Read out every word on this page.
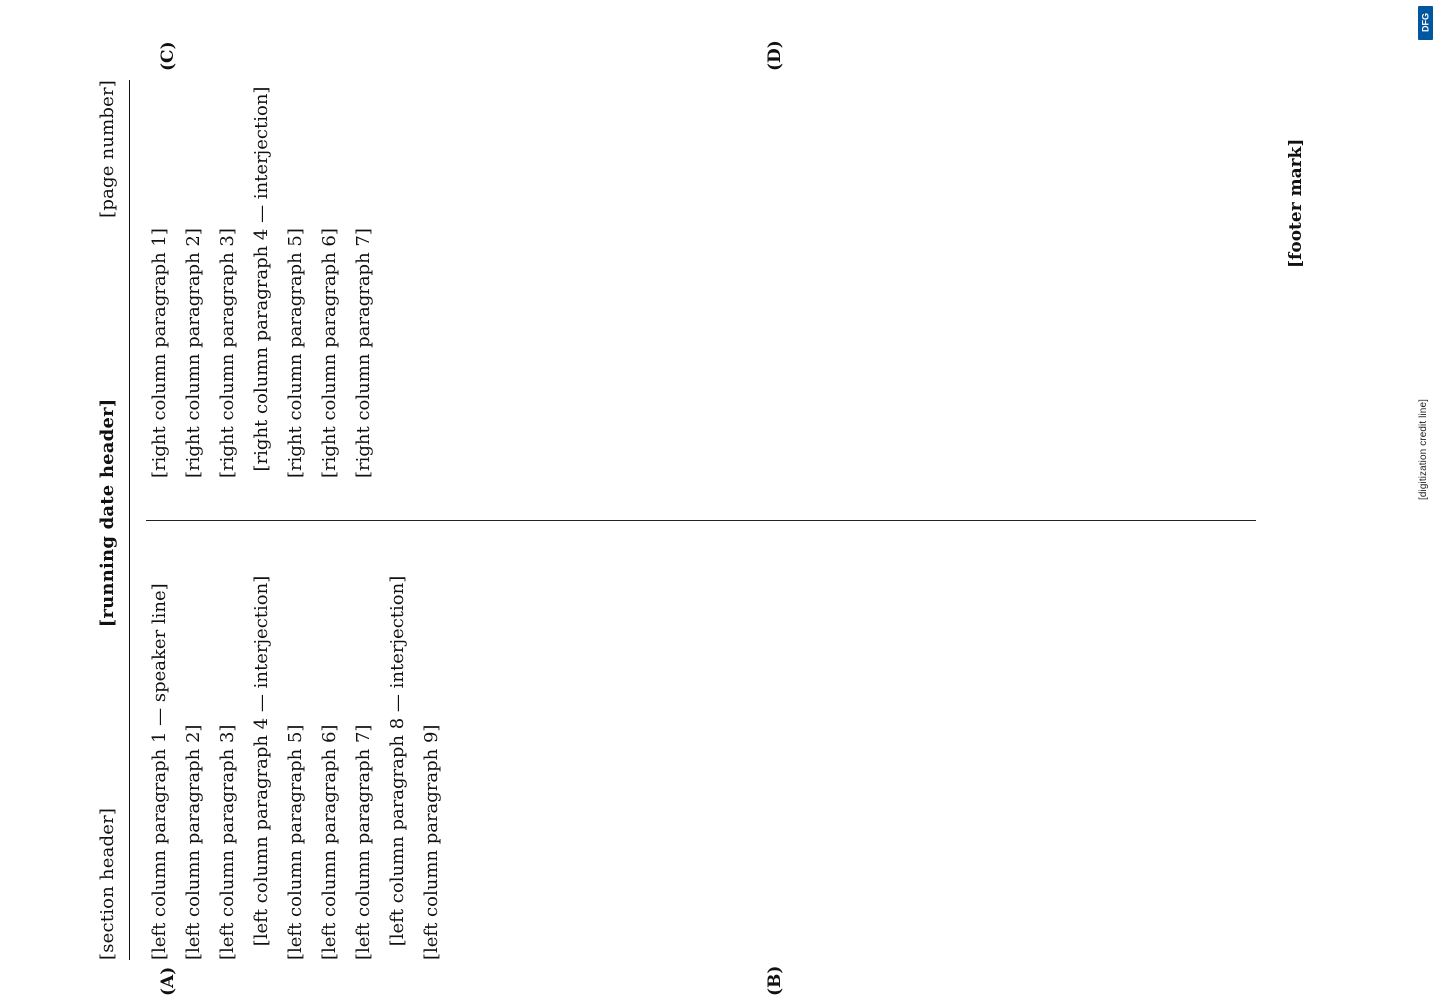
[section header]
[running date header]
[page number]
(A)	(B)
(C)	(D)
[left column paragraph 1 — speaker line] [left column paragraph 2] [left column paragraph 3] [left column paragraph 4 — interjection] [left column paragraph 5] [left column paragraph 6] [left column paragraph 7] [left column paragraph 8 — interjection] [left column paragraph 9]
[right column paragraph 1] [right column paragraph 2] [right column paragraph 3] [right column paragraph 4 — interjection] [right column paragraph 5] [right column paragraph 6] [right column paragraph 7]
[footer mark]
DFG
[digitization credit line]
